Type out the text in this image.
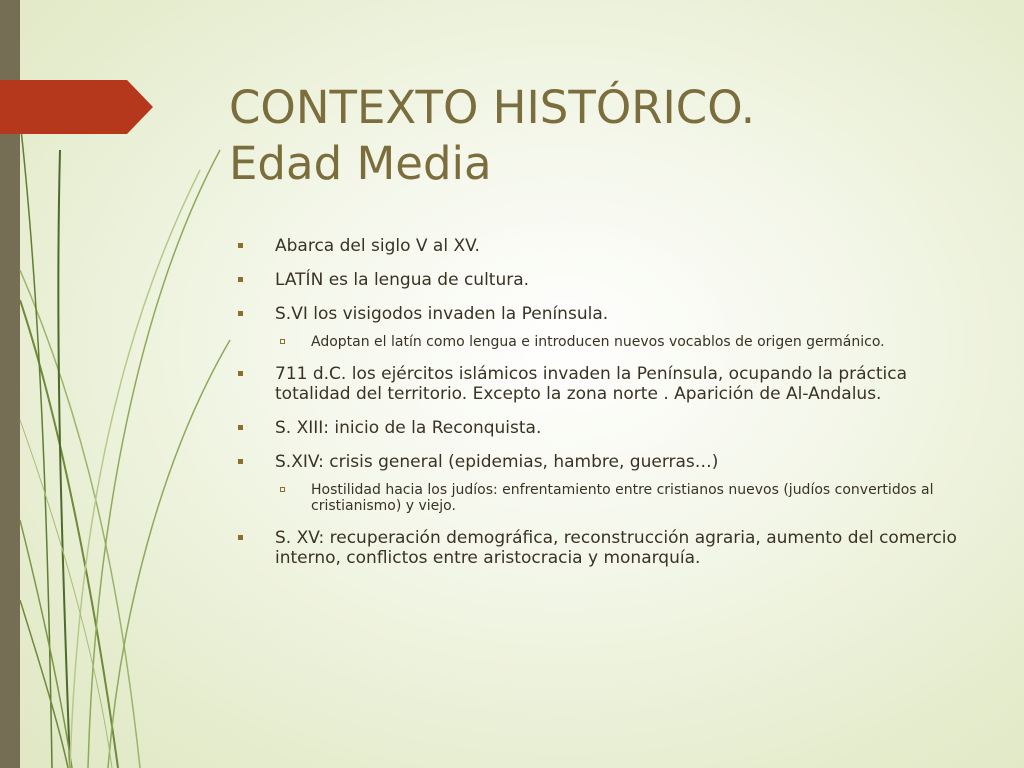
CONTEXTO HISTÓRICO.
Edad Media
Abarca del siglo V al XV.
LATÍN es la lengua de cultura.
S.VI los visigodos invaden la Península.
Adoptan el latín como lengua e introducen nuevos vocablos de origen germánico.
711 d.C. los ejércitos islámicos invaden la Península, ocupando la práctica totalidad del territorio. Excepto la zona norte . Aparición de Al-Andalus.
S. XIII: inicio de la Reconquista.
S.XIV: crisis general (epidemias, hambre, guerras…)
Hostilidad hacia los judíos: enfrentamiento entre cristianos nuevos (judíos convertidos al cristianismo) y viejo.
S. XV: recuperación demográfica, reconstrucción agraria, aumento del comercio interno, conflictos entre aristocracia y monarquía.
